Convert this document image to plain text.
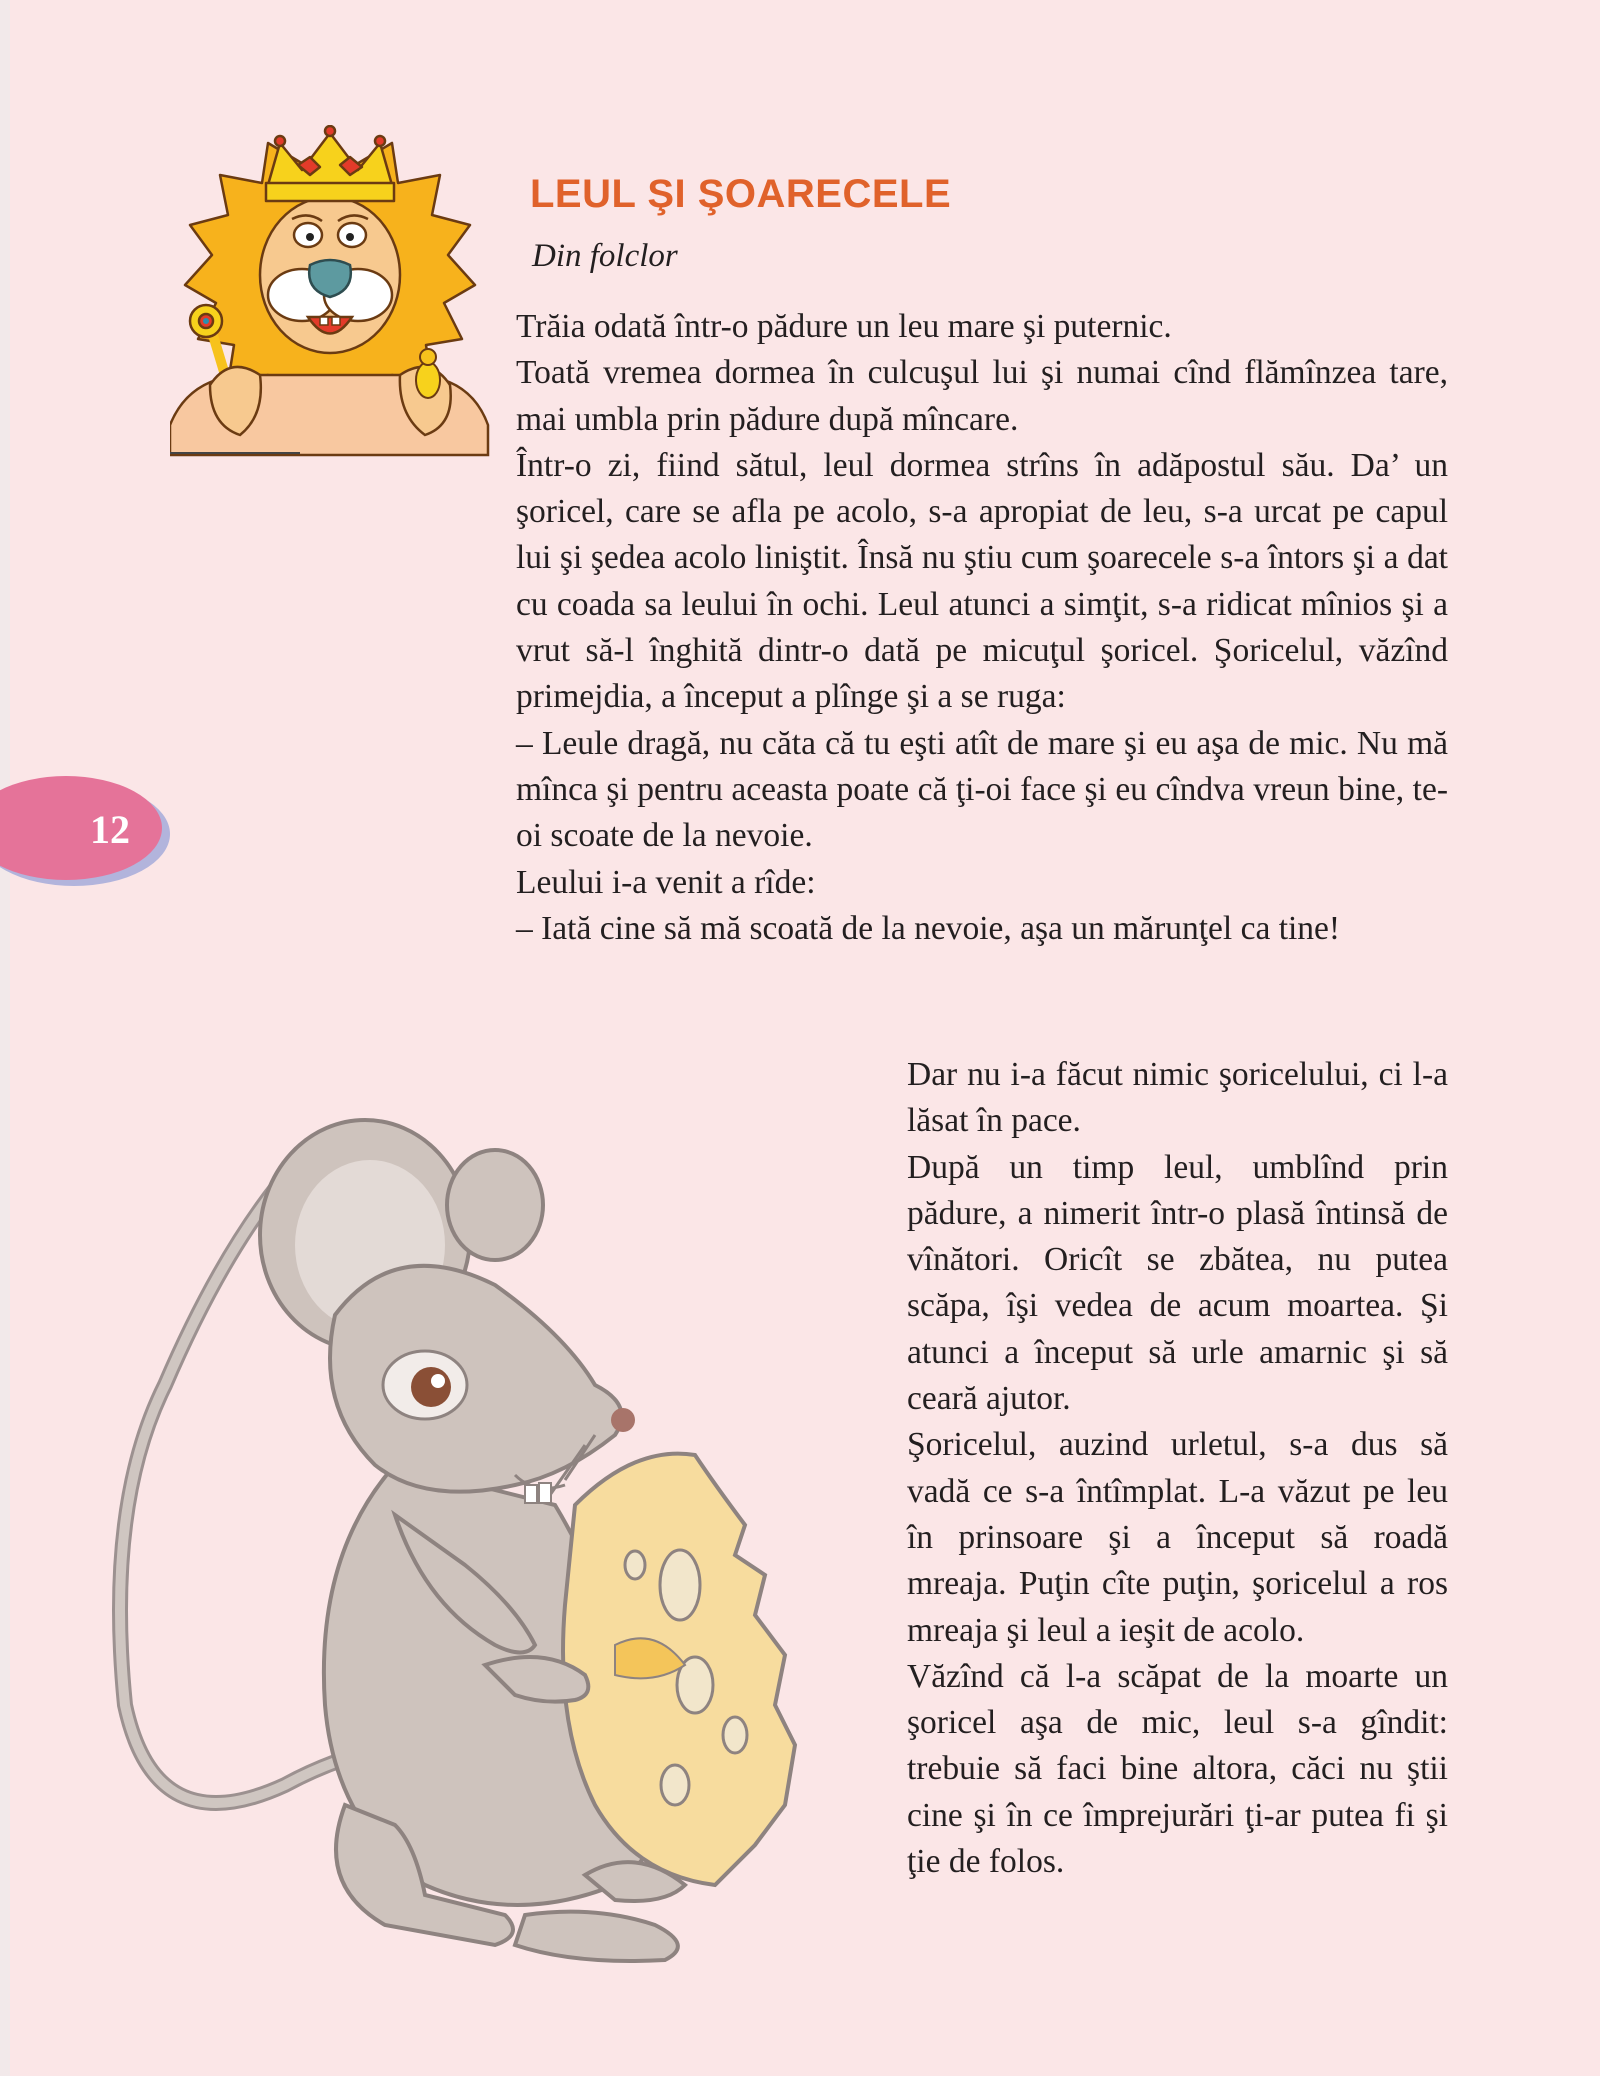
LEUL ŞI ŞOARECELE

Din folclor

Trăia odată într-o pădure un leu mare şi puternic.

Toată vremea dormea în culcuşul lui şi numai cînd flămînzea tare, mai umbla prin pădure după mîncare.

Într-o zi, fiind sătul, leul dormea strîns în adăpostul său. Da’ un şoricel, care se afla pe acolo, s-a apropiat de leu, s-a urcat pe capul lui şi şedea acolo liniştit. Însă nu ştiu cum şoarecele s-a întors şi a dat cu coada sa leului în ochi. Leul atunci a simţit, s-a ridicat mînios şi a vrut să-l înghită dintr-o dată pe micuţul şoricel. Şoricelul, văzînd primejdia, a început a plînge şi a se ruga:

– Leule dragă, nu căta că tu eşti atît de mare şi eu aşa de mic. Nu mă mînca şi pentru aceasta poate că ţi-oi face şi eu cîndva vreun bine, te-oi scoate de la nevoie.

Leului i-a venit a rîde:

– Iată cine să mă scoată de la nevoie, aşa un mărunţel ca tine!

Dar nu i-a făcut nimic şoricelului, ci l-a lăsat în pace.

După un timp leul, umblînd prin pădure, a nimerit într-o plasă întinsă de vînători. Oricît se zbătea, nu putea scăpa, îşi vedea de acum moartea. Şi atunci a început să urle amarnic şi să ceară ajutor.

Şoricelul, auzind urletul, s-a dus să vadă ce s-a întîmplat. L-a văzut pe leu în prinsoare şi a început să roadă mreaja. Puţin cîte puţin, şoricelul a ros mreaja şi leul a ieşit de acolo.

Văzînd că l-a scăpat de la moarte un şoricel aşa de mic, leul s-a gîndit: trebuie să faci bine altora, căci nu ştii cine şi în ce împrejurări ţi-ar putea fi şi ţie de folos.

12
